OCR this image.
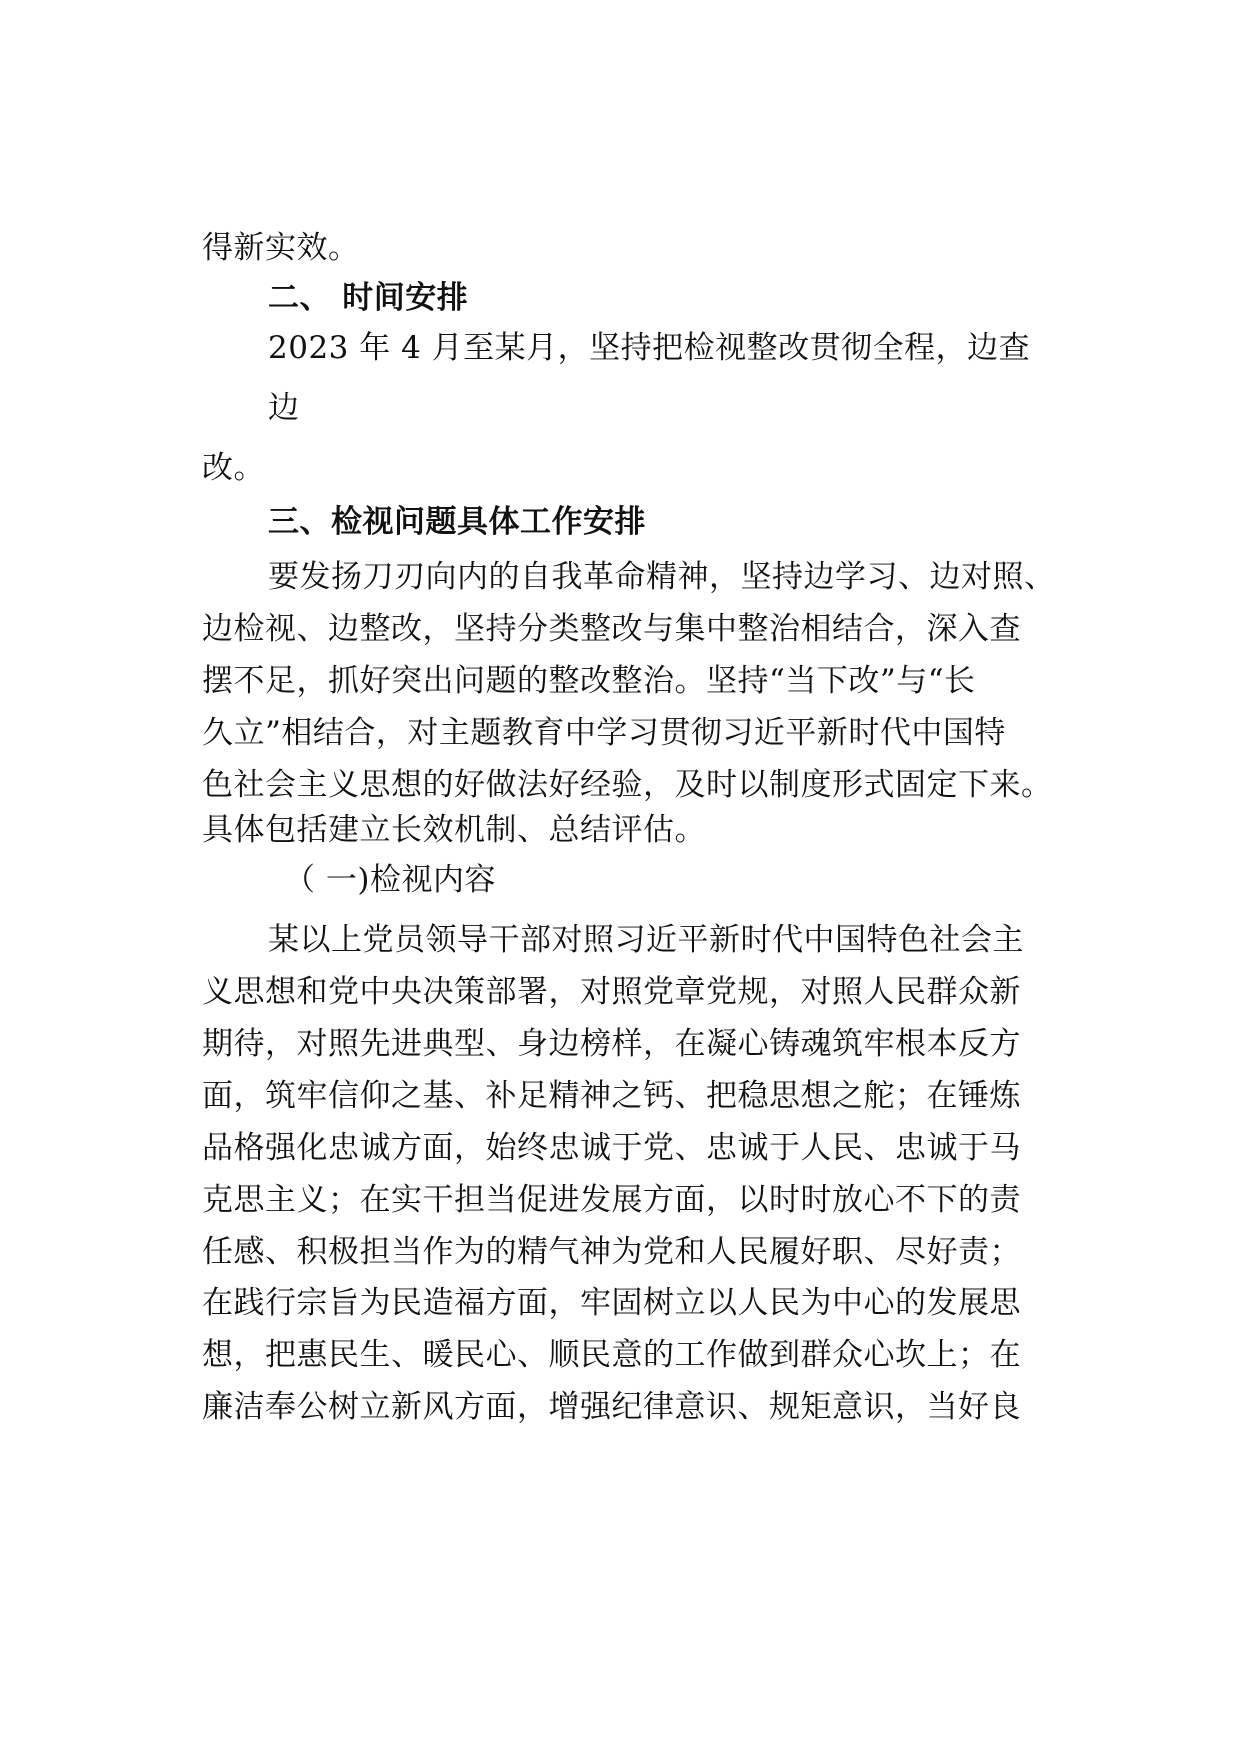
得新实效。

二、 时间安排

2023 年 4 月至某月，坚持把检视整改贯彻全程，边查

边

改。

三、检视问题具体工作安排

要发扬刀刃向内的自我革命精神，坚持边学习、边对照、

边检视、边整改，坚持分类整改与集中整治相结合，深入查

摆不足，抓好突出问题的整改整治。坚持“当下改”与“长

久立”相结合，对主题教育中学习贯彻习近平新时代中国特

色社会主义思想的好做法好经验，及时以制度形式固定下来。

具体包括建立长效机制、总结评估。

（ 一)检视内容

某以上党员领导干部对照习近平新时代中国特色社会主

义思想和党中央决策部署，对照党章党规，对照人民群众新

期待，对照先进典型、身边榜样，在凝心铸魂筑牢根本反方

面，筑牢信仰之基、补足精神之钙、把稳思想之舵；在锤炼

品格强化忠诚方面，始终忠诚于党、忠诚于人民、忠诚于马

克思主义；在实干担当促进发展方面，以时时放心不下的责

任感、积极担当作为的精气神为党和人民履好职、尽好责；

在践行宗旨为民造福方面，牢固树立以人民为中心的发展思

想，把惠民生、暖民心、顺民意的工作做到群众心坎上；在

廉洁奉公树立新风方面，增强纪律意识、规矩意识，当好良
